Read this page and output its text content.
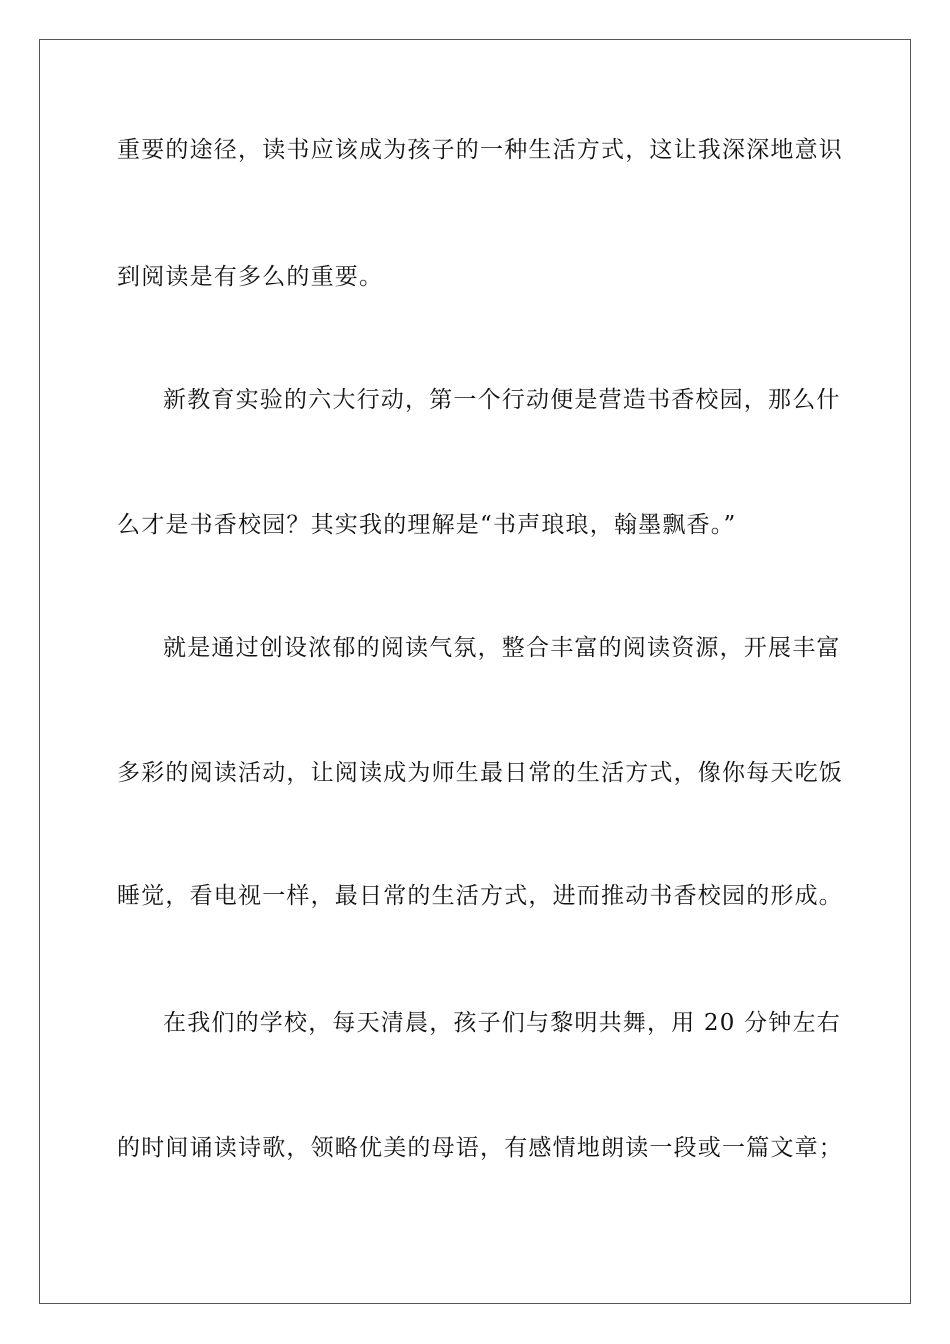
重要的途径，读书应该成为孩子的一种生活方式，这让我深深地意识
到阅读是有多么的重要。
新教育实验的六大行动，第一个行动便是营造书香校园，那么什
么才是书香校园？其实我的理解是“书声琅琅，翰墨飘香。”
就是通过创设浓郁的阅读气氛，整合丰富的阅读资源，开展丰富
多彩的阅读活动，让阅读成为师生最日常的生活方式，像你每天吃饭
睡觉，看电视一样，最日常的生活方式，进而推动书香校园的形成。
在我们的学校，每天清晨，孩子们与黎明共舞，用 20 分钟左右
的时间诵读诗歌，领略优美的母语，有感情地朗读一段或一篇文章；
